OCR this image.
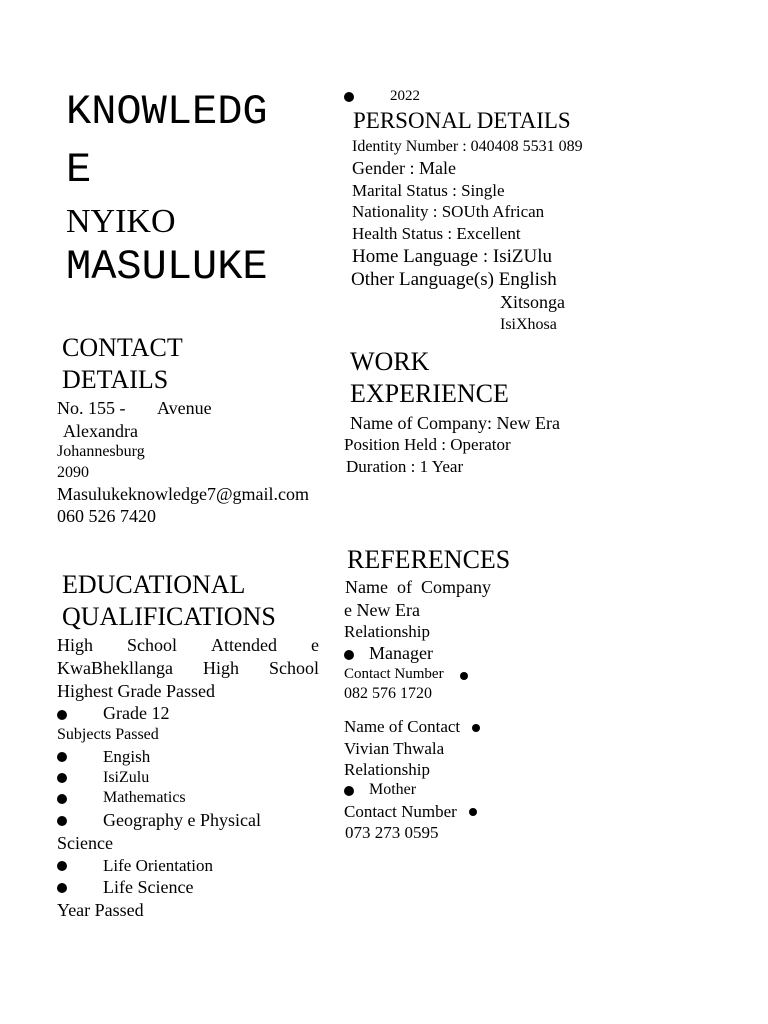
KNOWLEDG
E
NYIKO
MASULUKE
CONTACT
DETAILS
No. 155 - Avenue
Alexandra
Johannesburg
2090
Masulukeknowledge7@gmail.com
060 526 7420
EDUCATIONAL
QUALIFICATIONS
High School Attended e
KwaBhekllanga High School
Highest Grade Passed
Grade 12
Subjects Passed
Engish
IsiZulu
Mathematics
Geography e Physical
Science
Life Orientation
Life Science
Year Passed
2022
PERSONAL DETAILS
Identity Number : 040408 5531 089
Gender : Male
Marital Status : Single
Nationality : SOUth African
Health Status : Excellent
Home Language : IsiZUlu
Other Language(s) English
Xitsonga
IsiXhosa
WORK
EXPERIENCE
Name of Company: New Era
Position Held : Operator
Duration : 1 Year
REFERENCES
Name  of  Company
e New Era
Relationship
Manager
Contact Number
082 576 1720
Name of Contact
Vivian Thwala
Relationship
Mother
Contact Number
073 273 0595
